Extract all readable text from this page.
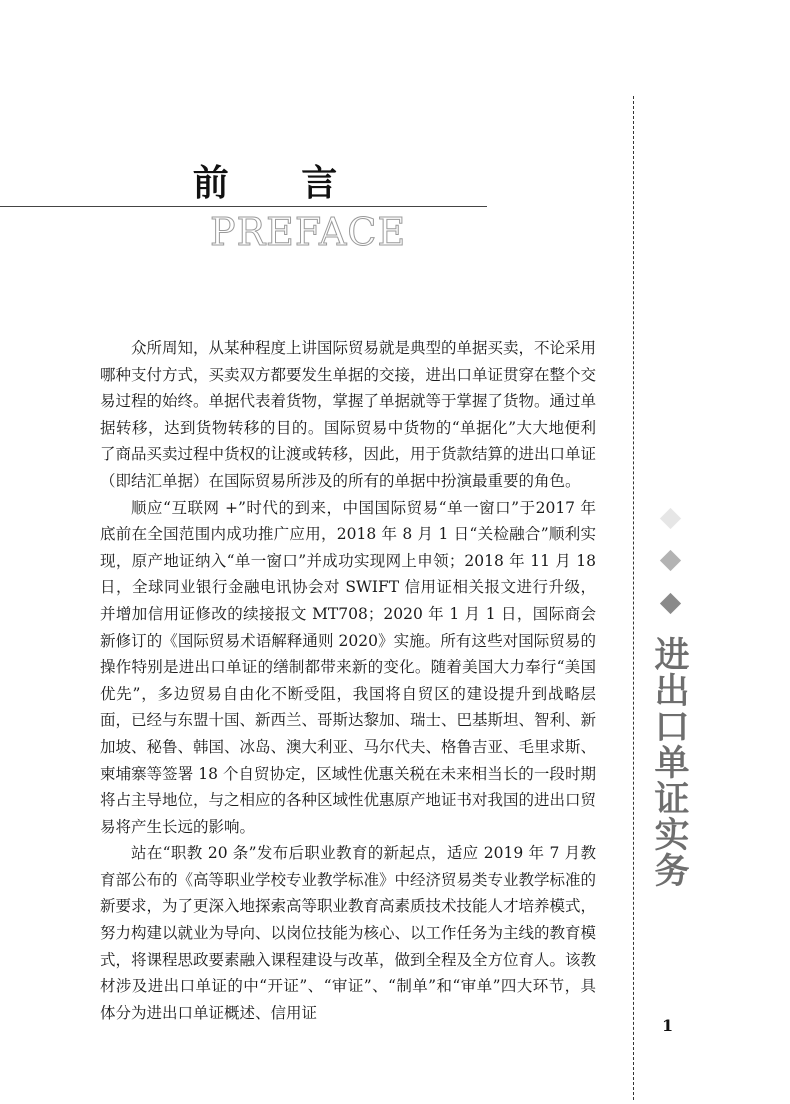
前 言
PREFACE

众所周知，从某种程度上讲国际贸易就是典型的单据买卖，不论采用哪种支付方式，买卖双方都要发生单据的交接，进出口单证贯穿在整个交易过程的始终。单据代表着货物，掌握了单据就等于掌握了货物。通过单据转移，达到货物转移的目的。国际贸易中货物的“单据化”大大地便利了商品买卖过程中货权的让渡或转移，因此，用于货款结算的进出口单证（即结汇单据）在国际贸易所涉及的所有的单据中扮演最重要的角色。

顺应“互联网 +”时代的到来，中国国际贸易“单一窗口”于2017 年底前在全国范围内成功推广应用，2018 年 8 月 1 日“关检融合”顺利实现，原产地证纳入“单一窗口”并成功实现网上申领；2018 年 11 月 18 日，全球同业银行金融电讯协会对 SWIFT 信用证相关报文进行升级，并增加信用证修改的续接报文 MT708；2020 年 1 月 1 日，国际商会新修订的《国际贸易术语解释通则 2020》实施。所有这些对国际贸易的操作特别是进出口单证的缮制都带来新的变化。随着美国大力奉行“美国优先”，多边贸易自由化不断受阻，我国将自贸区的建设提升到战略层面，已经与东盟十国、新西兰、哥斯达黎加、瑞士、巴基斯坦、智利、新加坡、秘鲁、韩国、冰岛、澳大利亚、马尔代夫、格鲁吉亚、毛里求斯、柬埔寨等签署 18 个自贸协定，区域性优惠关税在未来相当长的一段时期将占主导地位，与之相应的各种区域性优惠原产地证书对我国的进出口贸易将产生长远的影响。

站在“职教 20 条”发布后职业教育的新起点，适应 2019 年 7 月教育部公布的《高等职业学校专业教学标准》中经济贸易类专业教学标准的新要求，为了更深入地探索高等职业教育高素质技术技能人才培养模式，努力构建以就业为导向、以岗位技能为核心、以工作任务为主线的教育模式，将课程思政要素融入课程建设与改革，做到全程及全方位育人。该教材涉及进出口单证的中“开证”、“审证”、“制单”和“审单”四大环节，具体分为进出口单证概述、信用证

进出口单证实务
1
